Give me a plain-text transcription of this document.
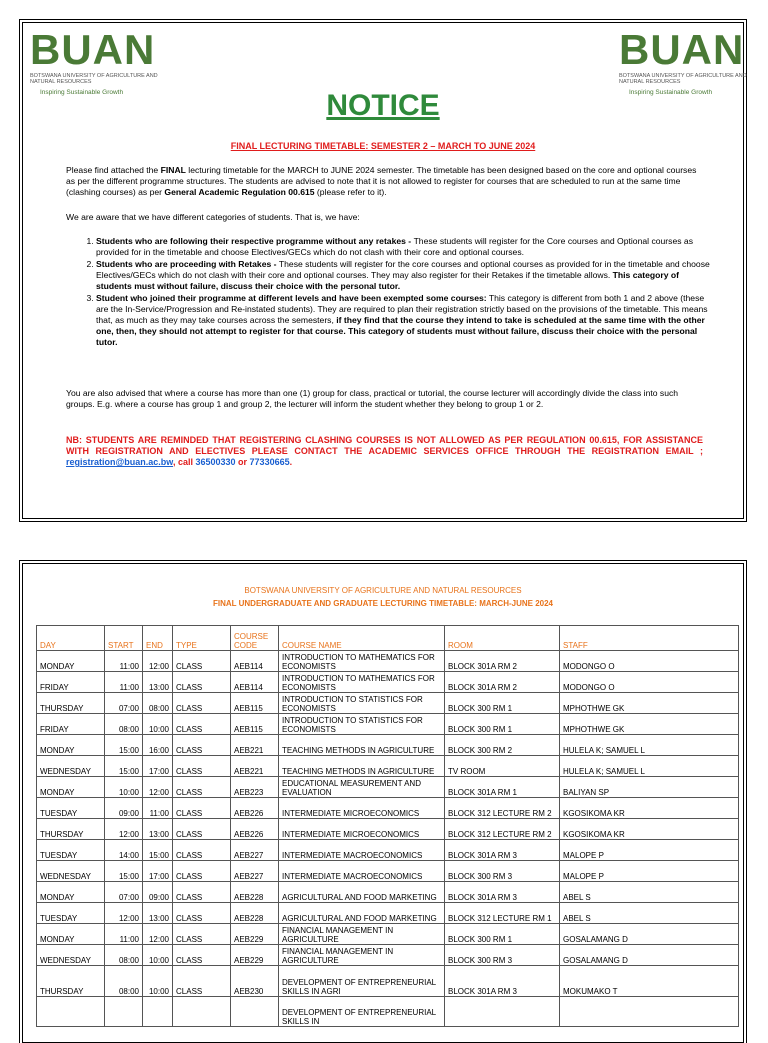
BUAN
BOTSWANA UNIVERSITY OF AGRICULTURE AND NATURAL RESOURCES
Inspiring Sustainable Growth
BUAN
BOTSWANA UNIVERSITY OF AGRICULTURE AND NATURAL RESOURCES
Inspiring Sustainable Growth
NOTICE
FINAL LECTURING TIMETABLE: SEMESTER 2 – MARCH TO JUNE 2024
Please find attached the FINAL lecturing timetable for the MARCH to JUNE 2024 semester. The timetable has been designed based on the core and optional courses as per the different programme structures. The students are advised to note that it is not allowed to register for courses that are scheduled to run at the same time (clashing courses) as per General Academic Regulation 00.615 (please refer to it).
We are aware that we have different categories of students. That is, we have:
1. Students who are following their respective programme without any retakes - These students will register for the Core courses and Optional courses as provided for in the timetable and choose Electives/GECs which do not clash with their core and optional courses.
2. Students who are proceeding with Retakes - These students will register for the core courses and optional courses as provided for in the timetable and choose Electives/GECs which do not clash with their core and optional courses. They may also register for their Retakes if the timetable allows. This category of students must without failure, discuss their choice with the personal tutor.
3. Student who joined their programme at different levels and have been exempted some courses: This category is different from both 1 and 2 above (these are the In-Service/Progression and Re-instated students). They are required to plan their registration strictly based on the provisions of the timetable. This means that, as much as they may take courses across the semesters, if they find that the course they intend to take is scheduled at the same time with the other one, then, they should not attempt to register for that course. This category of students must without failure, discuss their choice with the personal tutor.
You are also advised that where a course has more than one (1) group for class, practical or tutorial, the course lecturer will accordingly divide the class into such groups. E.g. where a course has group 1 and group 2, the lecturer will inform the student whether they belong to group 1 or 2.
NB: STUDENTS ARE REMINDED THAT REGISTERING CLASHING COURSES IS NOT ALLOWED AS PER REGULATION 00.615, FOR ASSISTANCE WITH REGISTRATION AND ELECTIVES PLEASE CONTACT THE ACADEMIC SERVICES OFFICE THROUGH THE REGISTRATION EMAIL ; registration@buan.ac.bw, call 36500330 or 77330665.
BOTSWANA UNIVERSITY OF AGRICULTURE AND NATURAL RESOURCES
FINAL UNDERGRADUATE AND GRADUATE LECTURING TIMETABLE: MARCH-JUNE 2024
DAY	START	END	TYPE	COURSE CODE	COURSE NAME	ROOM	STAFF
MONDAY	11:00	12:00	CLASS	AEB114	INTRODUCTION TO MATHEMATICS FOR ECONOMISTS	BLOCK 301A RM 2	MODONGO O
FRIDAY	11:00	13:00	CLASS	AEB114	INTRODUCTION TO MATHEMATICS FOR ECONOMISTS	BLOCK 301A RM 2	MODONGO O
THURSDAY	07:00	08:00	CLASS	AEB115	INTRODUCTION TO STATISTICS FOR ECONOMISTS	BLOCK 300 RM 1	MPHOTHWE GK
FRIDAY	08:00	10:00	CLASS	AEB115	INTRODUCTION TO STATISTICS FOR ECONOMISTS	BLOCK 300 RM 1	MPHOTHWE GK
MONDAY	15:00	16:00	CLASS	AEB221	TEACHING METHODS IN AGRICULTURE	BLOCK 300 RM 2	HULELA K; SAMUEL L
WEDNESDAY	15:00	17:00	CLASS	AEB221	TEACHING METHODS IN AGRICULTURE	TV ROOM	HULELA K; SAMUEL L
MONDAY	10:00	12:00	CLASS	AEB223	EDUCATIONAL MEASUREMENT AND EVALUATION	BLOCK 301A RM 1	BALIYAN SP
TUESDAY	09:00	11:00	CLASS	AEB226	INTERMEDIATE MICROECONOMICS	BLOCK 312 LECTURE RM 2	KGOSIKOMA KR
THURSDAY	12:00	13:00	CLASS	AEB226	INTERMEDIATE MICROECONOMICS	BLOCK 312 LECTURE RM 2	KGOSIKOMA KR
TUESDAY	14:00	15:00	CLASS	AEB227	INTERMEDIATE MACROECONOMICS	BLOCK 301A RM 3	MALOPE P
WEDNESDAY	15:00	17:00	CLASS	AEB227	INTERMEDIATE MACROECONOMICS	BLOCK 300 RM 3	MALOPE P
MONDAY	07:00	09:00	CLASS	AEB228	AGRICULTURAL AND FOOD MARKETING	BLOCK 301A RM 3	ABEL S
TUESDAY	12:00	13:00	CLASS	AEB228	AGRICULTURAL AND FOOD MARKETING	BLOCK 312 LECTURE RM 1	ABEL S
MONDAY	11:00	12:00	CLASS	AEB229	FINANCIAL MANAGEMENT IN AGRICULTURE	BLOCK 300 RM 1	GOSALAMANG D
WEDNESDAY	08:00	10:00	CLASS	AEB229	FINANCIAL MANAGEMENT IN AGRICULTURE	BLOCK 300 RM 3	GOSALAMANG D
THURSDAY	08:00	10:00	CLASS	AEB230	DEVELOPMENT OF ENTREPRENEURIAL SKILLS IN AGRI	BLOCK 301A RM 3	MOKUMAKO T
					DEVELOPMENT OF ENTREPRENEURIAL SKILLS IN		
